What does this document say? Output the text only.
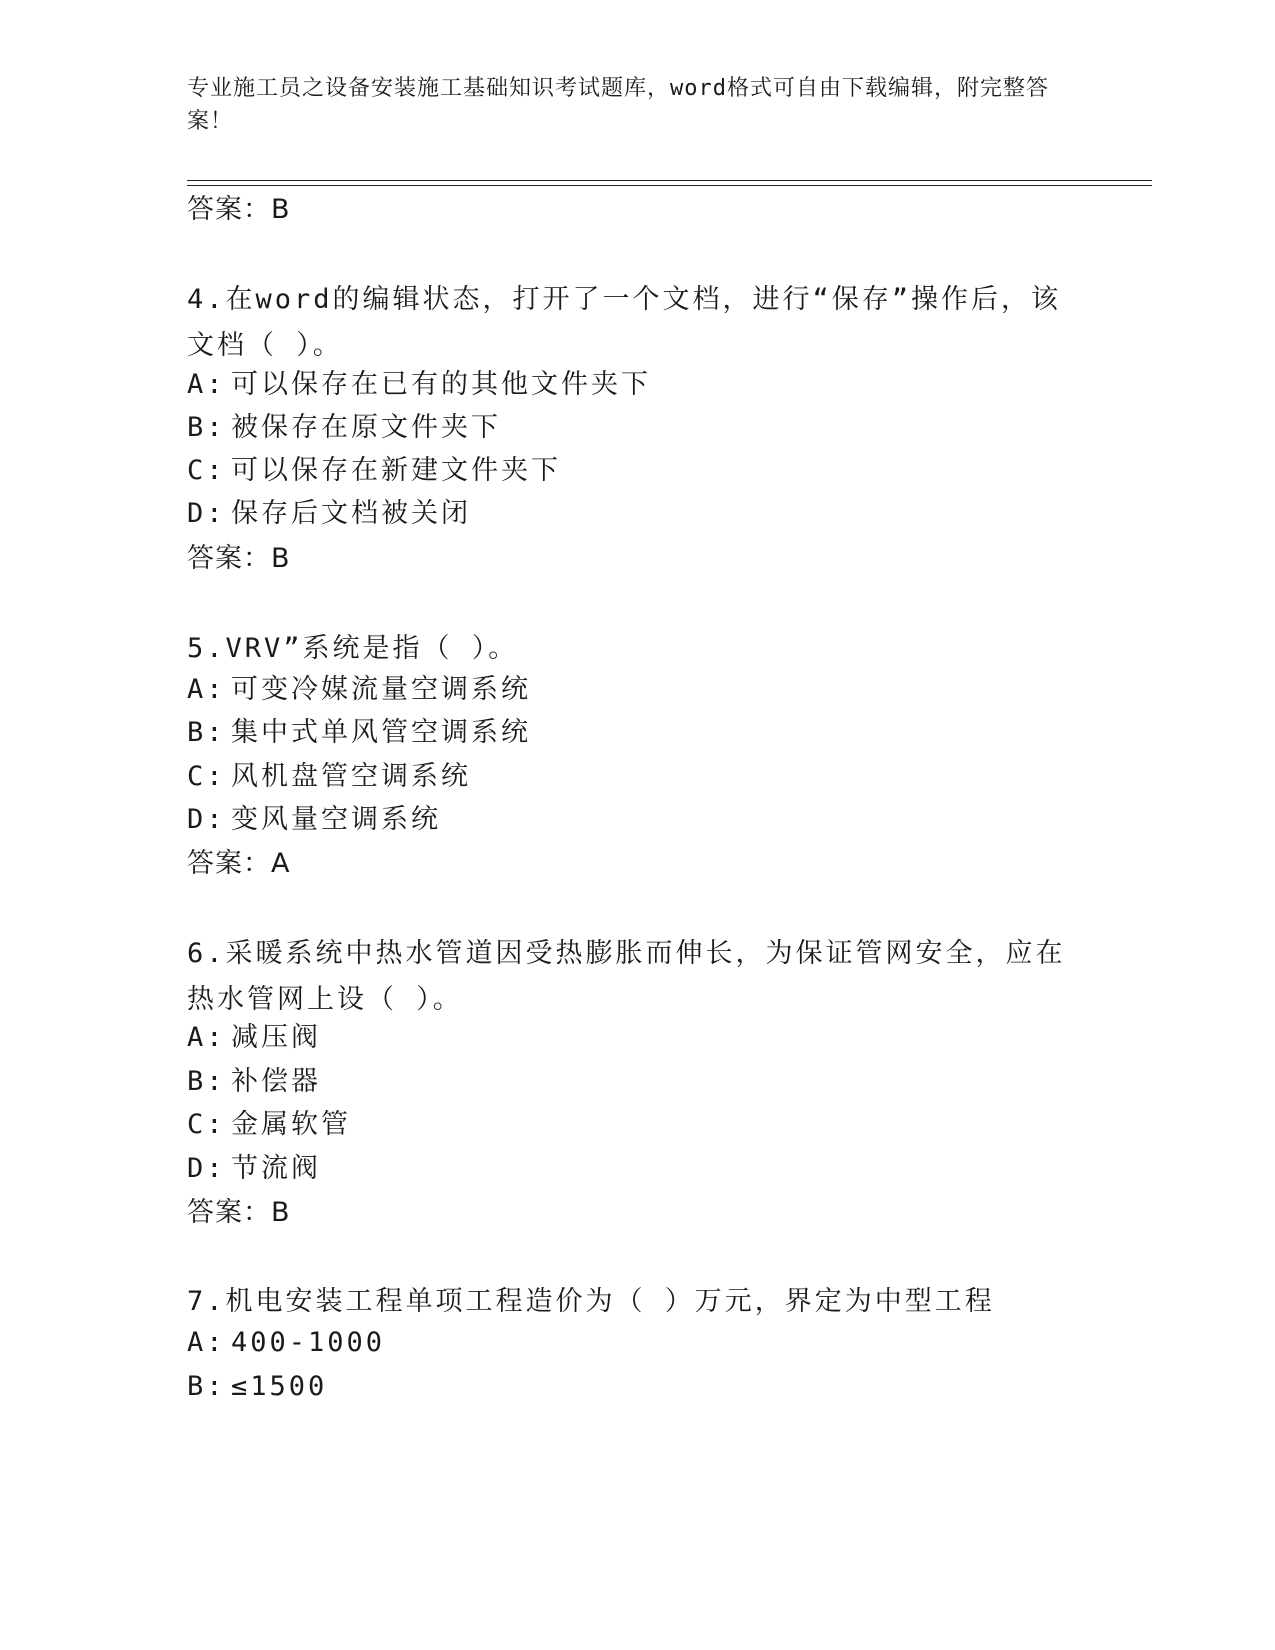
专业施工员之设备安装施工基础知识考试题库，word格式可自由下载编辑，附完整答案！
答案：B
4.在word的编辑状态，打开了一个文档，进行“保存”操作后，该文档（ ）。
A: 可以保存在已有的其他文件夹下
B: 被保存在原文件夹下
C: 可以保存在新建文件夹下
D: 保存后文档被关闭
答案：B
5.VRV”系统是指（ ）。
A: 可变冷媒流量空调系统
B: 集中式单风管空调系统
C: 风机盘管空调系统
D: 变风量空调系统
答案：A
6.采暖系统中热水管道因受热膨胀而伸长，为保证管网安全，应在热水管网上设（ ）。
A: 减压阀
B: 补偿器
C: 金属软管
D: 节流阀
答案：B
7.机电安装工程单项工程造价为（ ）万元，界定为中型工程
A: 400-1000
B: ≤1500
